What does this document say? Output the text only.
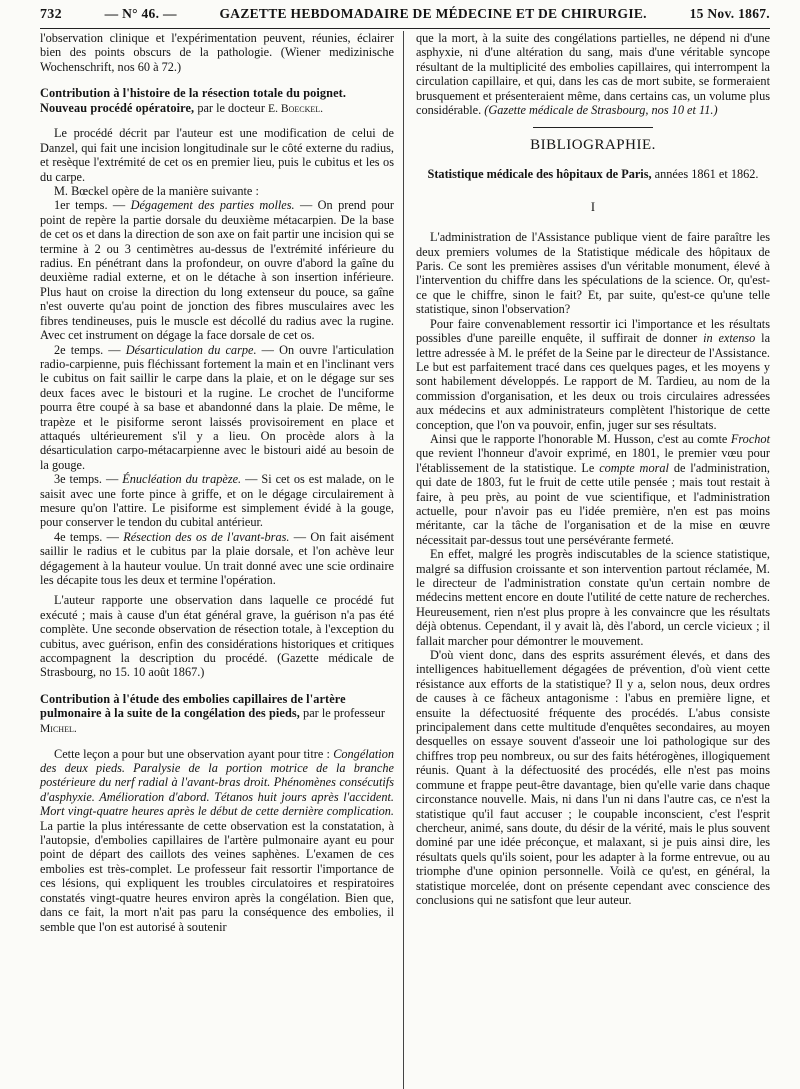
732	— N° 46. —	GAZETTE HEBDOMADAIRE DE MÉDECINE ET DE CHIRURGIE.	15 Nov. 1867.

l'observation clinique et l'expérimentation peuvent, réunies, éclairer bien des points obscurs de la pathologie. (Wiener medizinische Wochenschrift, nos 60 à 72.)

Contribution à l'histoire de la résection totale du poignet. Nouveau procédé opératoire, par le docteur E. Boeckel.

Le procédé décrit par l'auteur est une modification de celui de Danzel, qui fait une incision longitudinale sur le côté externe du radius, et resèque l'extrémité de cet os en premier lieu, puis le cubitus et les os du carpe.

M. Bœckel opère de la manière suivante :

1er temps. — Dégagement des parties molles. — On prend pour point de repère la partie dorsale du deuxième métacarpien. De la base de cet os et dans la direction de son axe on fait partir une incision qui se termine à 2 ou 3 centimètres au-dessus de l'extrémité inférieure du radius. En pénétrant dans la profondeur, on ouvre d'abord la gaîne du deuxième radial externe, et on le détache à son insertion inférieure. Plus haut on croise la direction du long extenseur du pouce, sa gaîne n'est ouverte qu'au point de jonction des fibres musculaires avec les fibres tendineuses, puis le muscle est décollé du radius avec la rugine. Avec cet instrument on dégage la face dorsale de cet os.

2e temps. — Désarticulation du carpe. — On ouvre l'articulation radio-carpienne, puis fléchissant fortement la main et en l'inclinant vers le cubitus on fait saillir le carpe dans la plaie, et on le dégage sur ses deux faces avec le bistouri et la rugine. Le crochet de l'unciforme pourra être coupé à sa base et abandonné dans la plaie. De même, le trapèze et le pisiforme seront laissés provisoirement en place et attaqués ultérieurement s'il y a lieu. On procède alors à la désarticulation carpo-métacarpienne avec le bistouri aidé au besoin de la gouge.

3e temps. — Énucléation du trapèze. — Si cet os est malade, on le saisit avec une forte pince à griffe, et on le dégage circulairement à mesure qu'on l'attire. Le pisiforme est simplement évidé à la gouge, pour conserver le tendon du cubital antérieur.

4e temps. — Résection des os de l'avant-bras. — On fait aisément saillir le radius et le cubitus par la plaie dorsale, et l'on achève leur dégagement à la hauteur voulue. Un trait donné avec une scie ordinaire les décapite tous les deux et termine l'opération.

L'auteur rapporte une observation dans laquelle ce procédé fut exécuté ; mais à cause d'un état général grave, la guérison n'a pas été complète. Une seconde observation de résection totale, à l'exception du cubitus, avec guérison, enfin des considérations historiques et critiques accompagnent la description du procédé. (Gazette médicale de Strasbourg, no 15. 10 août 1867.)

Contribution à l'étude des embolies capillaires de l'artère pulmonaire à la suite de la congélation des pieds, par le professeur Michel.

Cette leçon a pour but une observation ayant pour titre : Congélation des deux pieds. Paralysie de la portion motrice de la branche postérieure du nerf radial à l'avant-bras droit. Phénomènes consécutifs d'asphyxie. Amélioration d'abord. Tétanos huit jours après l'accident. Mort vingt-quatre heures après le début de cette dernière complication. La partie la plus intéressante de cette observation est la constatation, à l'autopsie, d'embolies capillaires de l'artère pulmonaire ayant eu pour point de départ des caillots des veines saphènes. L'examen de ces embolies est très-complet. Le professeur fait ressortir l'importance de ces lésions, qui expliquent les troubles circulatoires et respiratoires constatés vingt-quatre heures environ après la congélation. Bien que, dans ce fait, la mort n'ait pas paru la conséquence des embolies, il semble que l'on est autorisé à soutenir

que la mort, à la suite des congélations partielles, ne dépend ni d'une asphyxie, ni d'une altération du sang, mais d'une véritable syncope résultant de la multiplicité des embolies capillaires, qui interrompent la circulation capillaire, et qui, dans les cas de mort subite, se formeraient brusquement et présenteraient même, dans certains cas, un volume plus considérable. (Gazette médicale de Strasbourg, nos 10 et 11.)

BIBLIOGRAPHIE.

Statistique médicale des hôpitaux de Paris, années 1861 et 1862.

I

L'administration de l'Assistance publique vient de faire paraître les deux premiers volumes de la Statistique médicale des hôpitaux de Paris. Ce sont les premières assises d'un véritable monument, élevé à l'intervention du chiffre dans les spéculations de la science. Or, qu'est-ce que le chiffre, sinon le fait? Et, par suite, qu'est-ce qu'une telle statistique, sinon l'observation?

Pour faire convenablement ressortir ici l'importance et les résultats possibles d'une pareille enquête, il suffirait de donner in extenso la lettre adressée à M. le préfet de la Seine par le directeur de l'Assistance. Le but est parfaitement tracé dans ces quelques pages, et les moyens y sont habilement développés. Le rapport de M. Tardieu, au nom de la commission d'organisation, et les deux ou trois circulaires adressées aux médecins et aux administrateurs complètent l'historique de cette conception, que l'on va pouvoir, enfin, juger sur ses résultats.

Ainsi que le rapporte l'honorable M. Husson, c'est au comte Frochot que revient l'honneur d'avoir exprimé, en 1801, le premier vœu pour l'établissement de la statistique. Le compte moral de l'administration, qui date de 1803, fut le fruit de cette utile pensée ; mais tout restait à faire, à peu près, au point de vue scientifique, et l'administration actuelle, pour n'avoir pas eu l'idée première, n'en est pas moins méritante, car la tâche de l'organisation et de la mise en œuvre nécessitait par-dessus tout une persévérante fermeté.

En effet, malgré les progrès indiscutables de la science statistique, malgré sa diffusion croissante et son intervention partout réclamée, M. le directeur de l'administration constate qu'un certain nombre de médecins mettent encore en doute l'utilité de cette nature de recherches. Heureusement, rien n'est plus propre à les convaincre que les résultats déjà obtenus. Cependant, il y avait là, dès l'abord, un cercle vicieux ; il fallait marcher pour démontrer le mouvement.

D'où vient donc, dans des esprits assurément élevés, et dans des intelligences habituellement dégagées de prévention, d'où vient cette résistance aux efforts de la statistique? Il y a, selon nous, deux ordres de causes à ce fâcheux antagonisme : l'abus en première ligne, et ensuite la défectuosité fréquente des procédés. L'abus consiste principalement dans cette multitude d'enquêtes secondaires, au moyen desquelles on essaye souvent d'asseoir une loi pathologique sur des chiffres trop peu nombreux, ou sur des faits hétérogènes, illogiquement réunis. Quant à la défectuosité des procédés, elle n'est pas moins commune et frappe peut-être davantage, bien qu'elle varie dans chaque circonstance nouvelle. Mais, ni dans l'un ni dans l'autre cas, ce n'est la statistique qu'il faut accuser ; le coupable inconscient, c'est l'esprit chercheur, animé, sans doute, du désir de la vérité, mais le plus souvent dominé par une idée préconçue, et malaxant, si je puis ainsi dire, les résultats quels qu'ils soient, pour les adapter à la forme entrevue, ou au triomphe d'une opinion personnelle. Voilà ce qu'est, en général, la statistique morcelée, dont on présente cependant avec conscience des conclusions qui ne satisfont que leur auteur.
